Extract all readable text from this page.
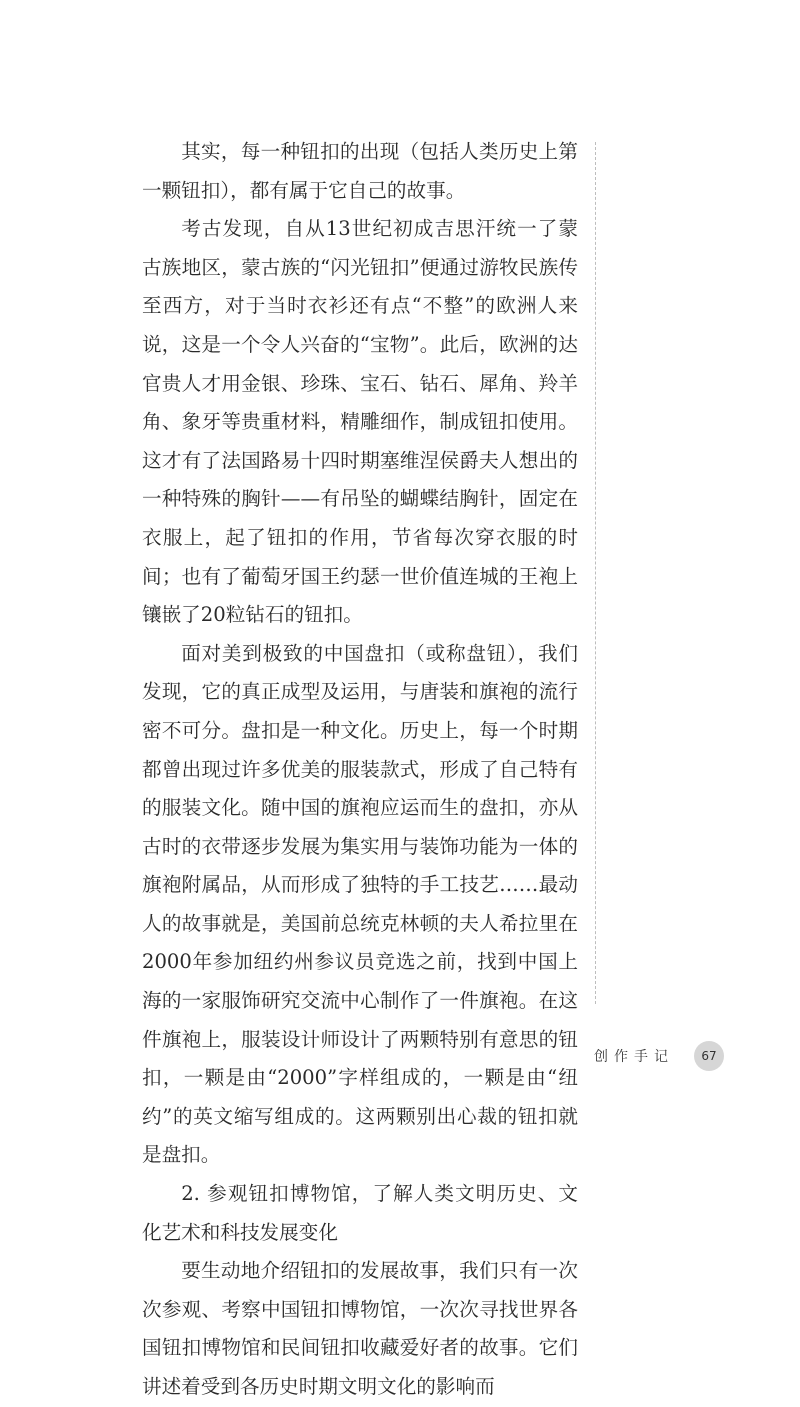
其实，每一种钮扣的出现（包括人类历史上第一颗钮扣），都有属于它自己的故事。

考古发现，自从13世纪初成吉思汗统一了蒙古族地区，蒙古族的“闪光钮扣”便通过游牧民族传至西方，对于当时衣衫还有点“不整”的欧洲人来说，这是一个令人兴奋的“宝物”。此后，欧洲的达官贵人才用金银、珍珠、宝石、钻石、犀角、羚羊角、象牙等贵重材料，精雕细作，制成钮扣使用。这才有了法国路易十四时期塞维涅侯爵夫人想出的一种特殊的胸针——有吊坠的蝴蝶结胸针，固定在衣服上，起了钮扣的作用，节省每次穿衣服的时间；也有了葡萄牙国王约瑟一世价值连城的王袍上镶嵌了20粒钻石的钮扣。

面对美到极致的中国盘扣（或称盘钮），我们发现，它的真正成型及运用，与唐装和旗袍的流行密不可分。盘扣是一种文化。历史上，每一个时期都曾出现过许多优美的服装款式，形成了自己特有的服装文化。随中国的旗袍应运而生的盘扣，亦从古时的衣带逐步发展为集实用与装饰功能为一体的旗袍附属品，从而形成了独特的手工技艺……最动人的故事就是，美国前总统克林顿的夫人希拉里在2000年参加纽约州参议员竞选之前，找到中国上海的一家服饰研究交流中心制作了一件旗袍。在这件旗袍上，服装设计师设计了两颗特别有意思的钮扣，一颗是由“2000”字样组成的，一颗是由“纽约”的英文缩写组成的。这两颗别出心裁的钮扣就是盘扣。

2. 参观钮扣博物馆，了解人类文明历史、文化艺术和科技发展变化

要生动地介绍钮扣的发展故事，我们只有一次次参观、考察中国钮扣博物馆，一次次寻找世界各国钮扣博物馆和民间钮扣收藏爱好者的故事。它们讲述着受到各历史时期文明文化的影响而

创作手记	67
